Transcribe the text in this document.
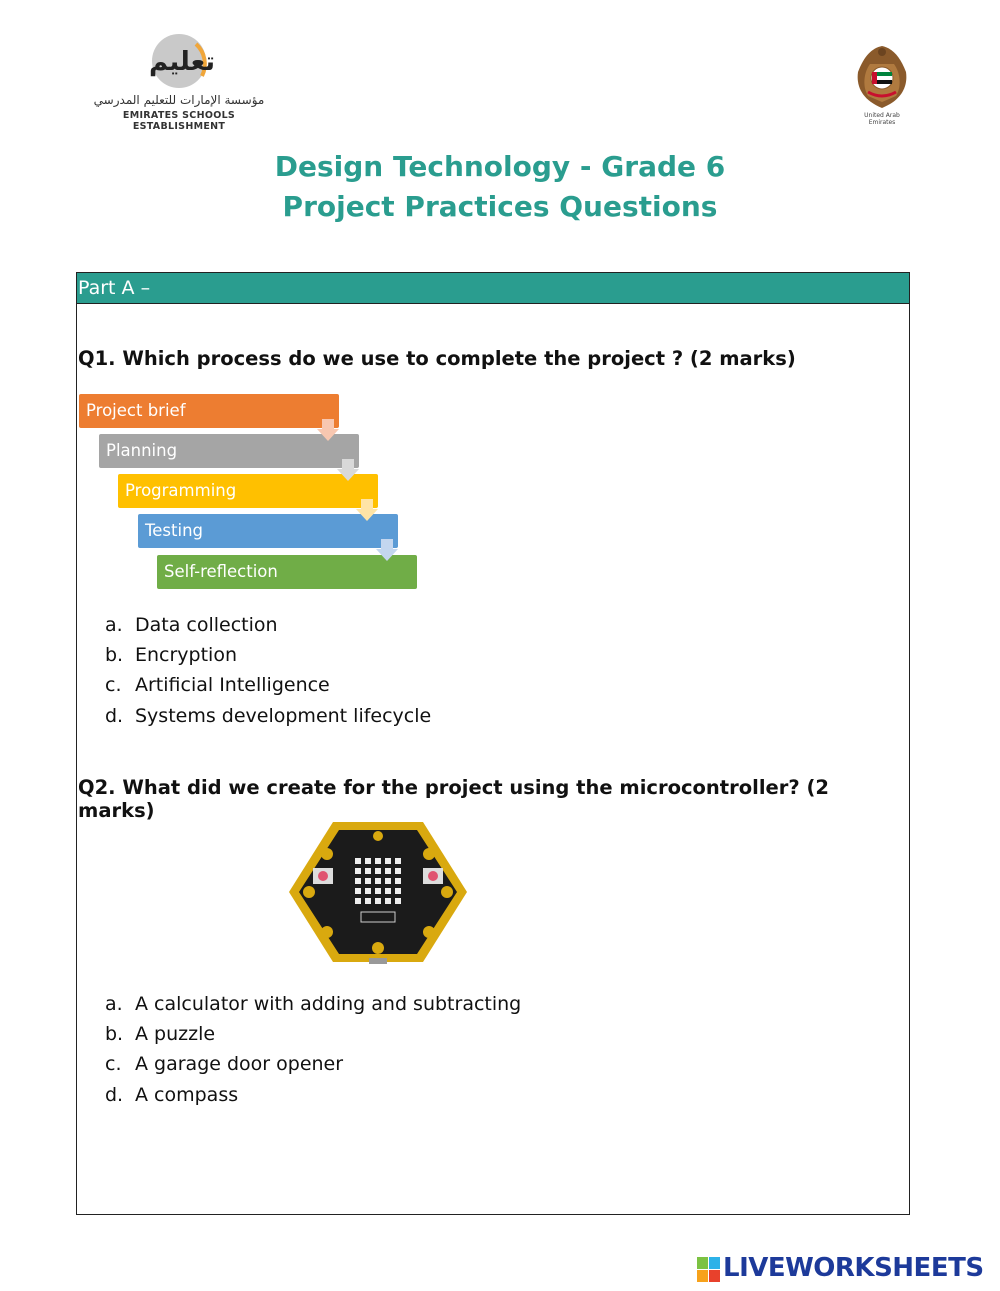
تعليم
مؤسسة الإمارات للتعليم المدرسي
EMIRATES SCHOOLS ESTABLISHMENT
United Arab Emirates
Design Technology - Grade 6
Project Practices Questions
Part A –
Q1. Which process do we use to complete the project ? (2 marks)
Project brief
Planning
Programming
Testing
Self-reflection
a. Data collection
b. Encryption
c. Artificial Intelligence
d. Systems development lifecycle
Q2. What did we create for the project using the microcontroller? (2 marks)
a. A calculator with adding and subtracting
b. A puzzle
c. A garage door opener
d. A compass
LIVEWORKSHEETS
